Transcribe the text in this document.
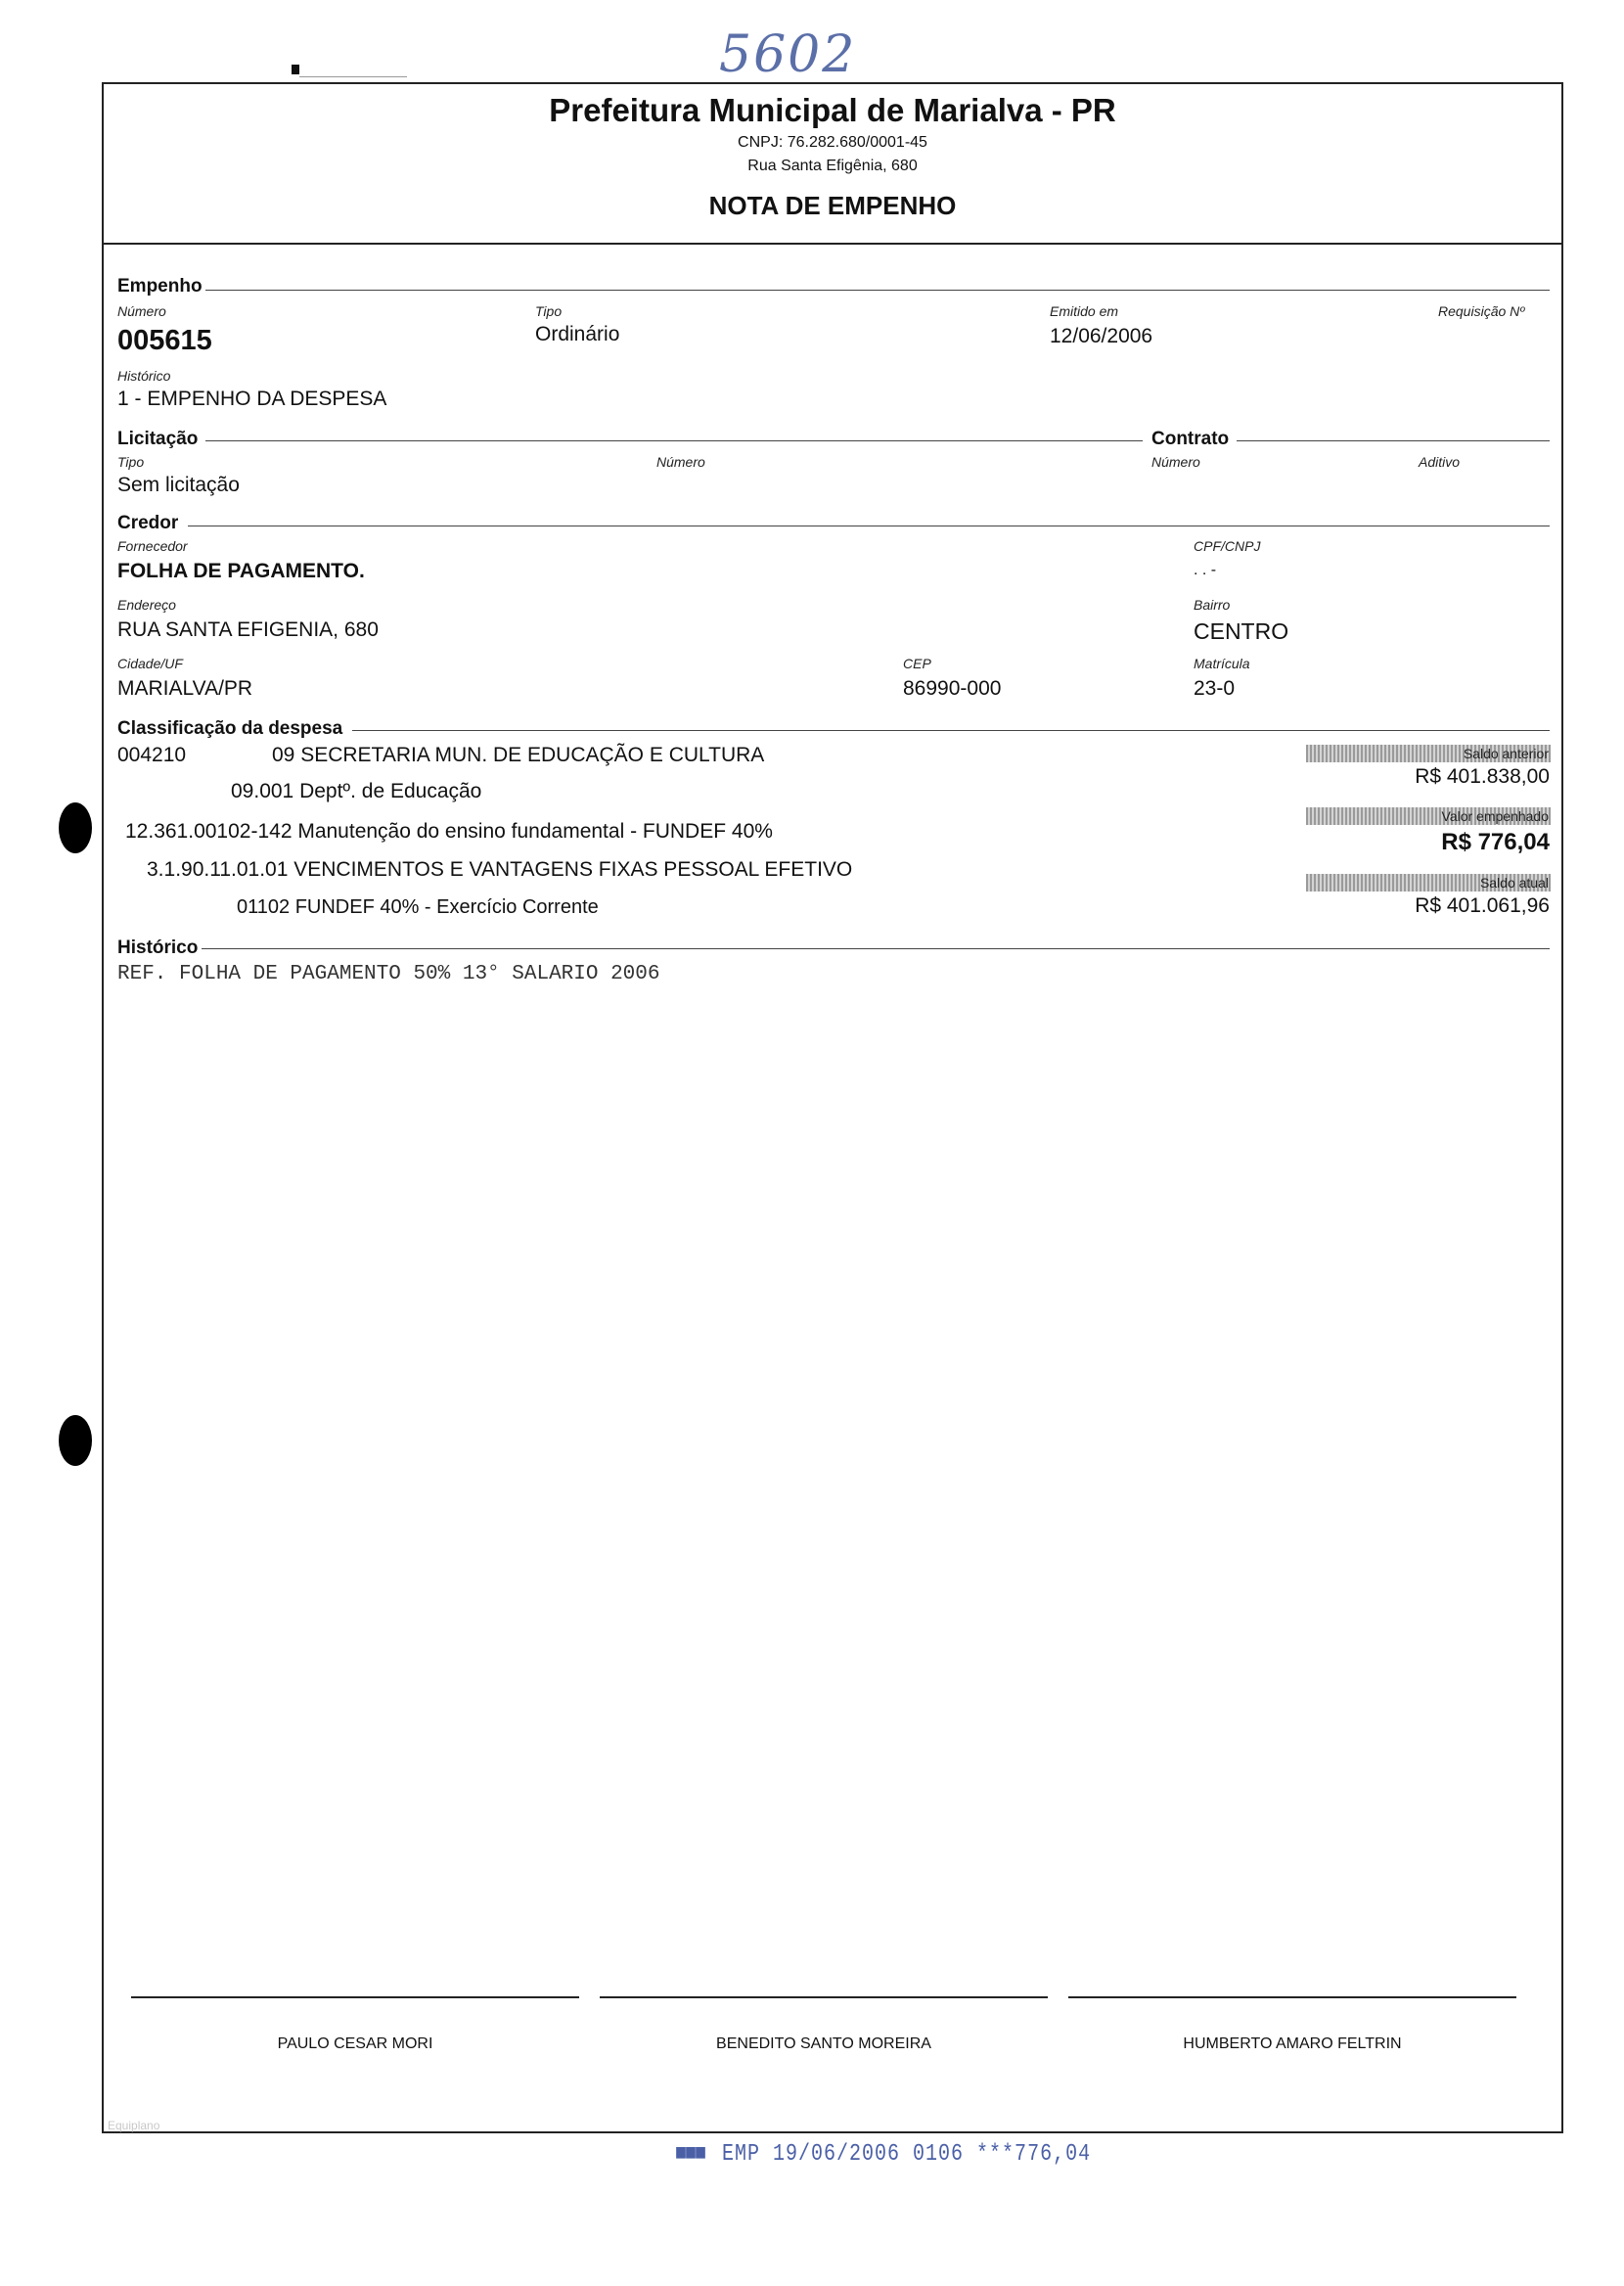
5602
Prefeitura Municipal de Marialva - PR
CNPJ: 76.282.680/0001-45
Rua Santa Efigênia, 680
NOTA DE EMPENHO
Empenho
Número
005615
Tipo
Ordinário
Emitido em
12/06/2006
Requisição Nº
Histórico
1 - EMPENHO DA DESPESA
Licitação	Contrato
Tipo
Sem licitação
Número	Número	Aditivo
Credor
Fornecedor
FOLHA DE PAGAMENTO.
CPF/CNPJ
. . -
Endereço
RUA SANTA EFIGENIA, 680
Bairro
CENTRO
Cidade/UF
MARIALVA/PR
CEP
86990-000
Matrícula
23-0
Classificação da despesa
004210	09 SECRETARIA MUN. DE EDUCAÇÃO E CULTURA
09.001 Deptº. de Educação
12.361.00102-142 Manutenção do ensino fundamental - FUNDEF 40%
3.1.90.11.01.01 VENCIMENTOS E VANTAGENS FIXAS PESSOAL EFETIVO
01102 FUNDEF 40% - Exercício Corrente
Saldo anterior
R$ 401.838,00
Valor empenhado
R$ 776,04
Saldo atual
R$ 401.061,96
Histórico
REF. FOLHA DE PAGAMENTO 50% 13° SALARIO 2006
PAULO CESAR MORI	BENEDITO SANTO MOREIRA	HUMBERTO AMARO FELTRIN
Equiplano
■■■ EMP 19/06/2006 0106 ***776,04
